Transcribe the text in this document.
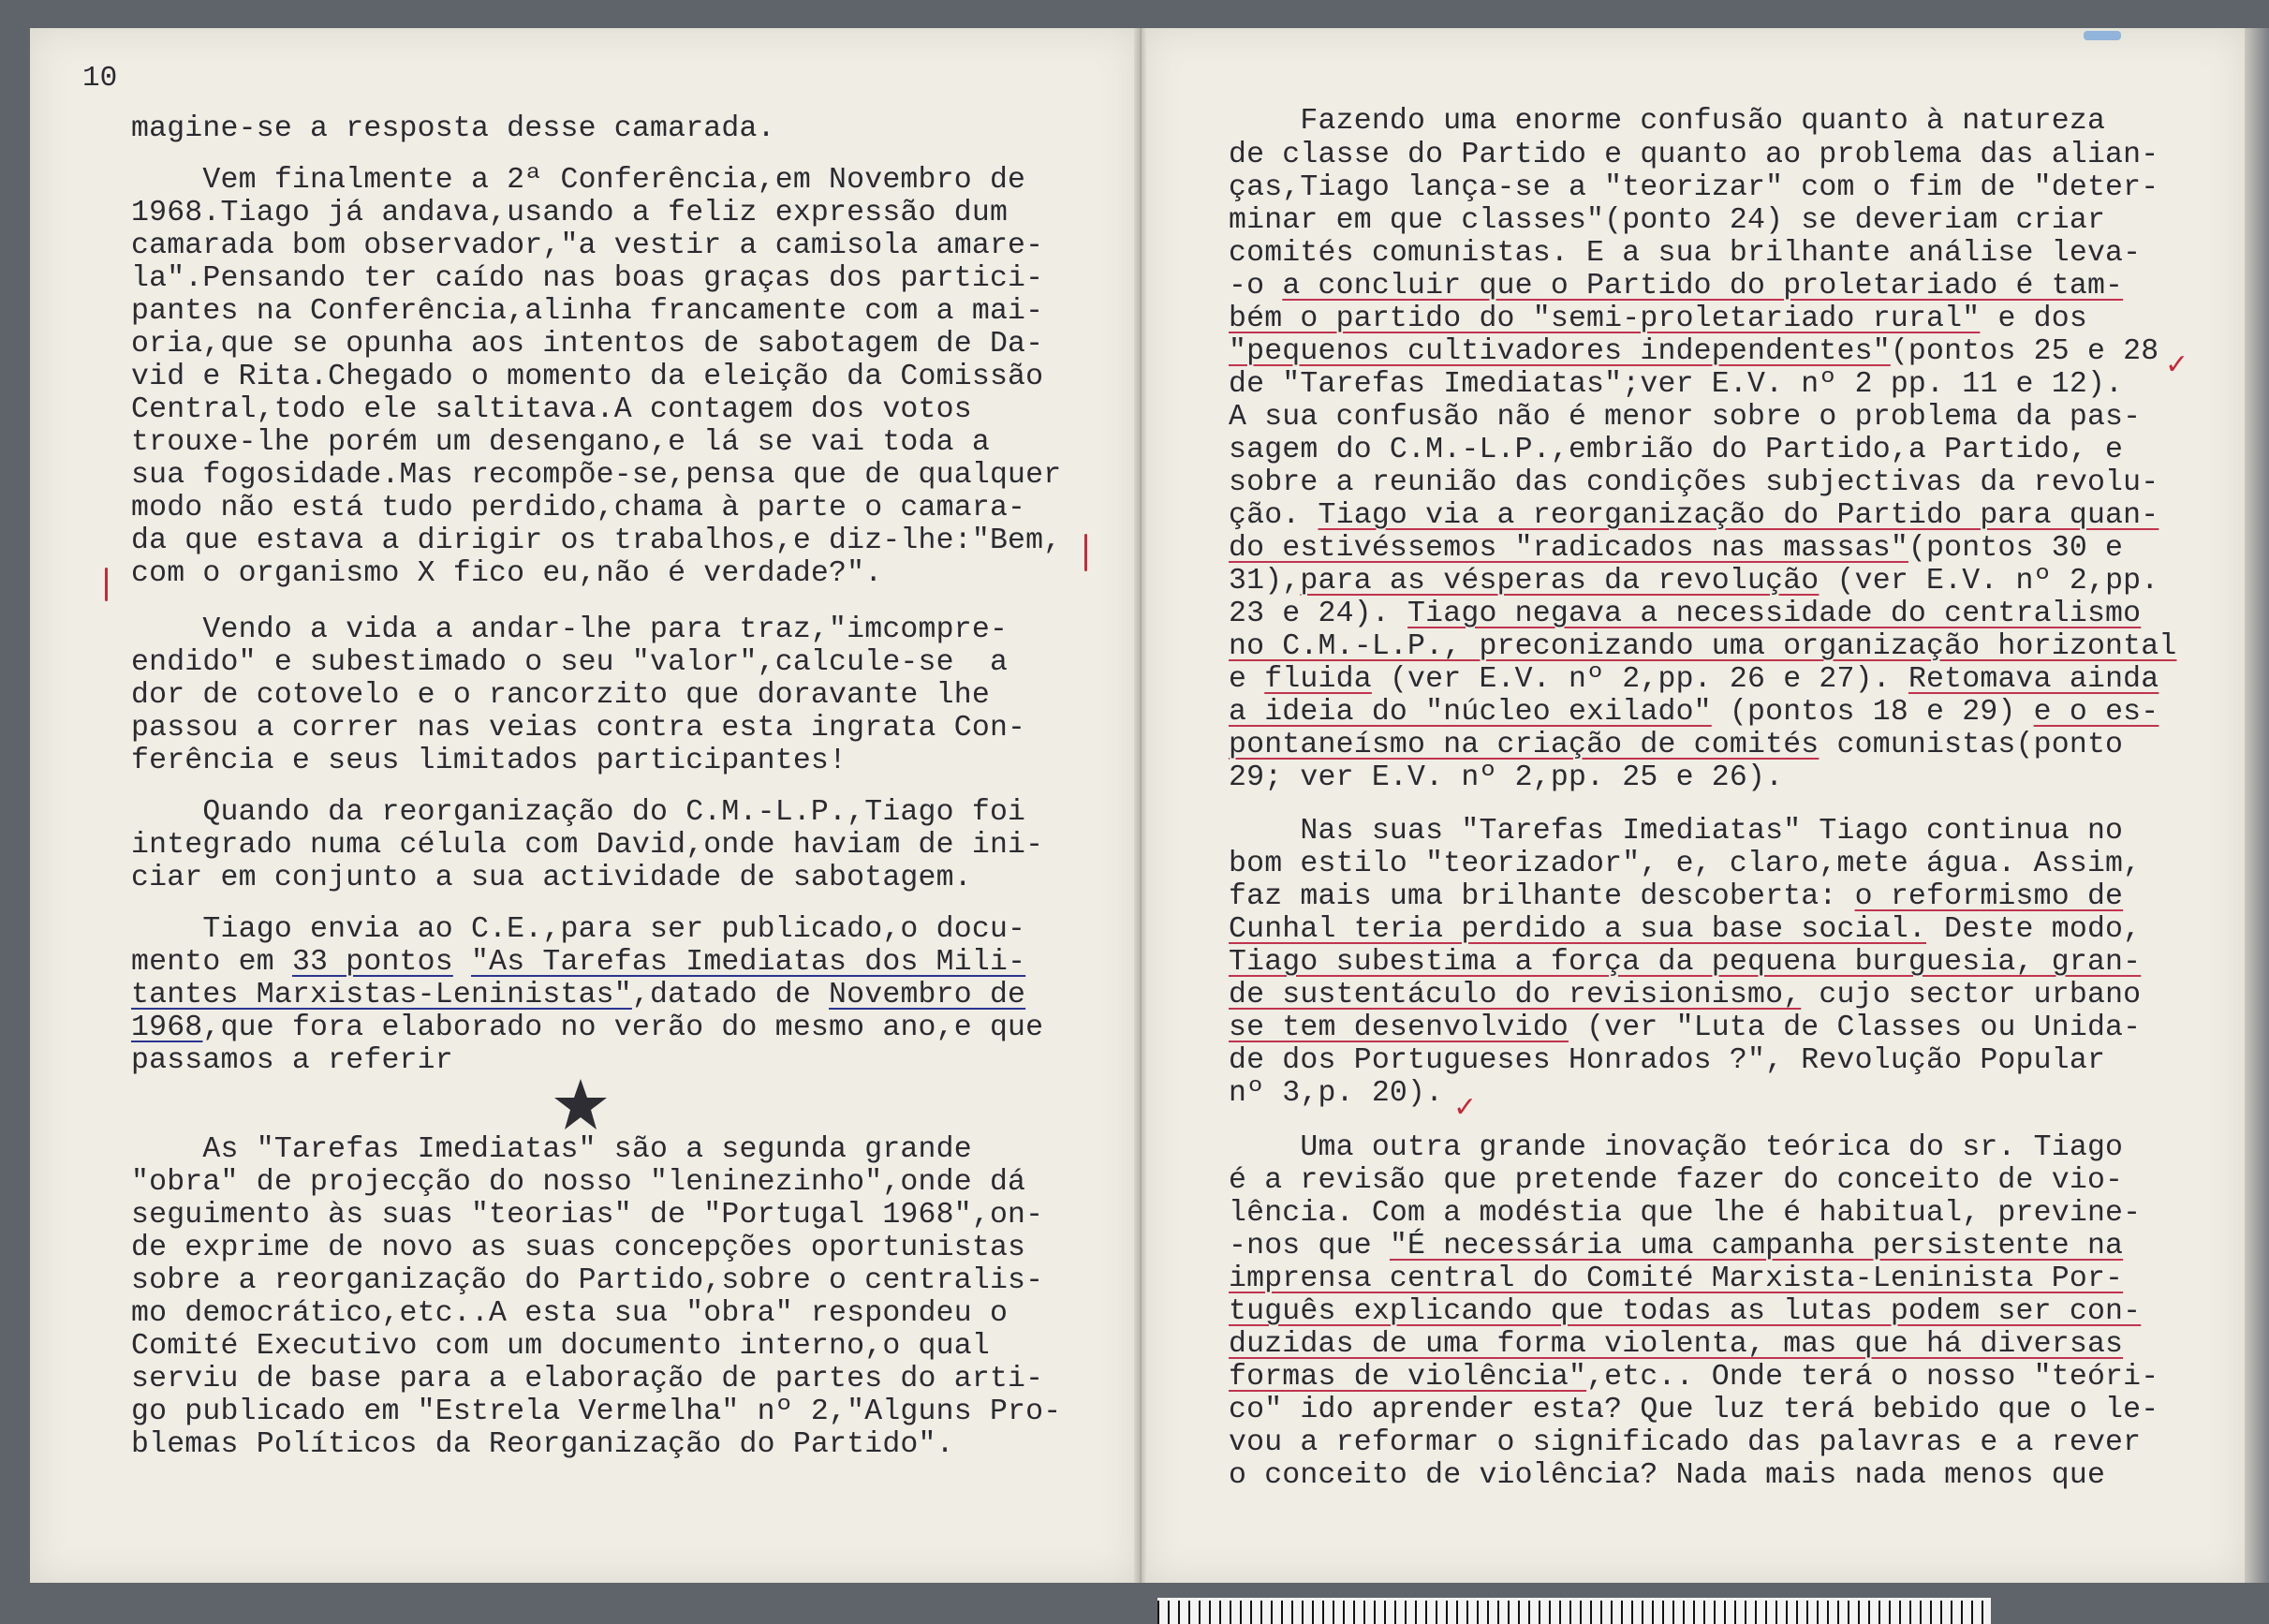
10
magine-se a resposta desse camarada.
Vem finalmente a 2ª Conferência,em Novembro de
1968.Tiago já andava,usando a feliz expressão dum
camarada bom observador,"a vestir a camisola amare-
la".Pensando ter caído nas boas graças dos partici-
pantes na Conferência,alinha francamente com a mai-
oria,que se opunha aos intentos de sabotagem de Da-
vid e Rita.Chegado o momento da eleição da Comissão
Central,todo ele saltitava.A contagem dos votos
trouxe-lhe porém um desengano,e lá se vai toda a
sua fogosidade.Mas recompõe-se,pensa que de qualquer
modo não está tudo perdido,chama à parte o camara-
da que estava a dirigir os trabalhos,e diz-lhe:"Bem,
com o organismo X fico eu,não é verdade?".
Vendo a vida a andar-lhe para traz,"imcompre-
endido" e subestimado o seu "valor",calcule-se  a
dor de cotovelo e o rancorzito que doravante lhe
passou a correr nas veias contra esta ingrata Con-
ferência e seus limitados participantes!
Quando da reorganização do C.M.-L.P.,Tiago foi
integrado numa célula com David,onde haviam de ini-
ciar em conjunto a sua actividade de sabotagem.
Tiago envia ao C.E.,para ser publicado,o docu-
mento em 33 pontos "As Tarefas Imediatas dos Mili-
tantes Marxistas-Leninistas",datado de Novembro de
1968,que fora elaborado no verão do mesmo ano,e que
passamos a referir
As "Tarefas Imediatas" são a segunda grande
"obra" de projecção do nosso "leninezinho",onde dá
seguimento às suas "teorias" de "Portugal 1968",on-
de exprime de novo as suas concepções oportunistas
sobre a reorganização do Partido,sobre o centralis-
mo democrático,etc..A esta sua "obra" respondeu o
Comité Executivo com um documento interno,o qual
serviu de base para a elaboração de partes do arti-
go publicado em "Estrela Vermelha" nº 2,"Alguns Pro-
blemas Políticos da Reorganização do Partido".
Fazendo uma enorme confusão quanto à natureza
de classe do Partido e quanto ao problema das alian-
ças,Tiago lança-se a "teorizar" com o fim de "deter-
minar em que classes"(ponto 24) se deveriam criar
comités comunistas. E a sua brilhante análise leva-
-o a concluir que o Partido do proletariado é tam-
bém o partido do "semi-proletariado rural" e dos
"pequenos cultivadores independentes"(pontos 25 e 28
de "Tarefas Imediatas";ver E.V. nº 2 pp. 11 e 12).
A sua confusão não é menor sobre o problema da pas-
sagem do C.M.-L.P.,embrião do Partido,a Partido, e
sobre a reunião das condições subjectivas da revolu-
ção. Tiago via a reorganização do Partido para quan-
do estivéssemos "radicados nas massas"(pontos 30 e
31),para as vésperas da revolução (ver E.V. nº 2,pp.
23 e 24). Tiago negava a necessidade do centralismo
no C.M.-L.P., preconizando uma organização horizontal
e fluida (ver E.V. nº 2,pp. 26 e 27). Retomava ainda
a ideia do "núcleo exilado" (pontos 18 e 29) e o es-
pontaneísmo na criação de comités comunistas(ponto
29; ver E.V. nº 2,pp. 25 e 26).
Nas suas "Tarefas Imediatas" Tiago continua no
bom estilo "teorizador", e, claro,mete água. Assim,
faz mais uma brilhante descoberta: o reformismo de
Cunhal teria perdido a sua base social. Deste modo,
Tiago subestima a força da pequena burguesia, gran-
de sustentáculo do revisionismo, cujo sector urbano
se tem desenvolvido (ver "Luta de Classes ou Unida-
de dos Portugueses Honrados ?", Revolução Popular
nº 3,p. 20).
Uma outra grande inovação teórica do sr. Tiago
é a revisão que pretende fazer do conceito de vio-
lência. Com a modéstia que lhe é habitual, previne-
-nos que "É necessária uma campanha persistente na
imprensa central do Comité Marxista-Leninista Por-
tuguês explicando que todas as lutas podem ser con-
duzidas de uma forma violenta, mas que há diversas
formas de violência",etc.. Onde terá o nosso "teóri-
co" ido aprender esta? Que luz terá bebido que o le-
vou a reformar o significado das palavras e a rever
o conceito de violência? Nada mais nada menos que
✓
✓
